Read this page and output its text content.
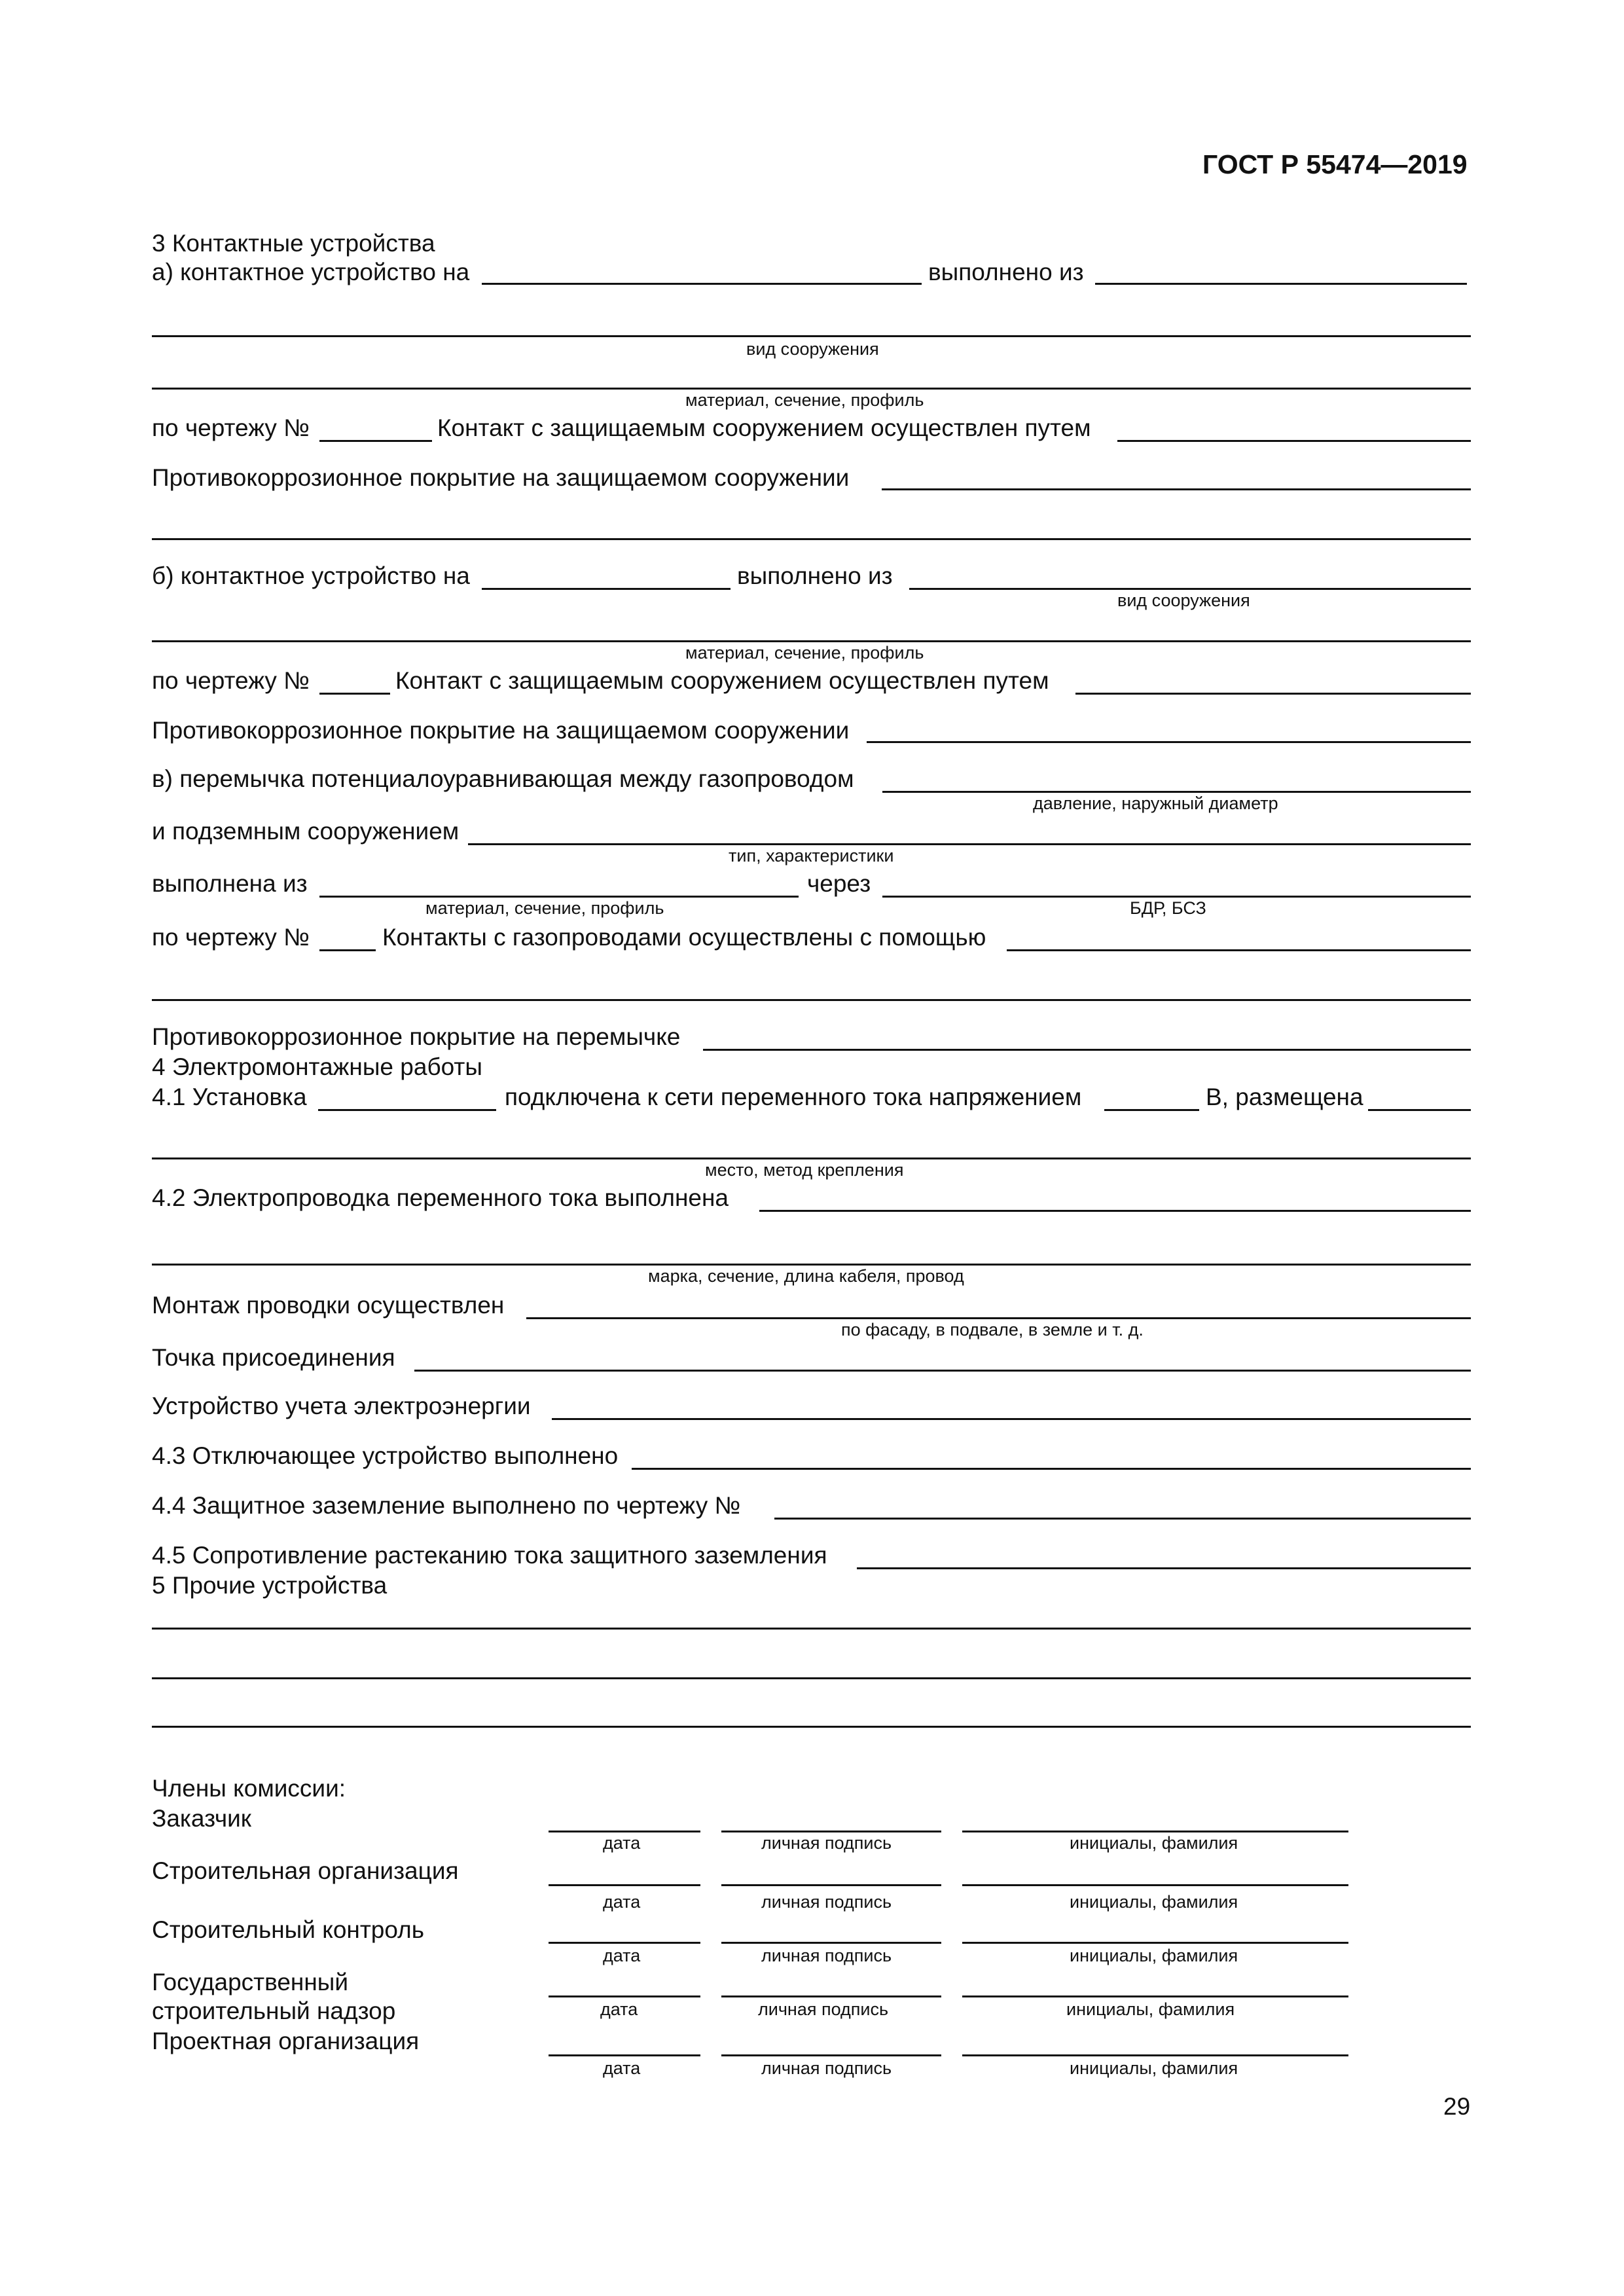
ГОСТ Р 55474—2019
3 Контактные устройства
а) контактное устройство на	выполнено из
вид сооружения
материал, сечение, профиль
по чертежу №	Контакт с защищаемым сооружением осуществлен путем
Противокоррозионное покрытие на защищаемом сооружении
б) контактное устройство на	выполнено из
вид сооружения
материал, сечение, профиль
по чертежу №	Контакт с защищаемым сооружением осуществлен путем
Противокоррозионное покрытие на защищаемом сооружении
в) перемычка потенциалоуравнивающая между газопроводом
давление, наружный диаметр
и подземным сооружением
тип, характеристики
выполнена из
материал, сечение, профиль
через
БДР, БСЗ
по чертежу №	Контакты с газопроводами осуществлены с помощью
Противокоррозионное покрытие на перемычке
4 Электромонтажные работы
4.1 Установка	подключена к сети переменного тока напряжением	В, размещена
место, метод крепления
4.2 Электропроводка переменного тока выполнена
марка, сечение, длина кабеля, провод
Монтаж проводки осуществлен
по фасаду, в подвале, в земле и т. д.
Точка присоединения
Устройство учета электроэнергии
4.3 Отключающее устройство выполнено
4.4 Защитное заземление выполнено по чертежу №
4.5 Сопротивление растеканию тока защитного заземления
5 Прочие устройства
Члены комиссии:
Заказчик
дата	личная подпись	инициалы, фамилия
Строительная организация
дата	личная подпись	инициалы, фамилия
Строительный контроль
дата	личная подпись	инициалы, фамилия
Государственный
строительный надзор	дата	личная подпись	инициалы, фамилия
Проектная организация
дата	личная подпись	инициалы, фамилия
29
